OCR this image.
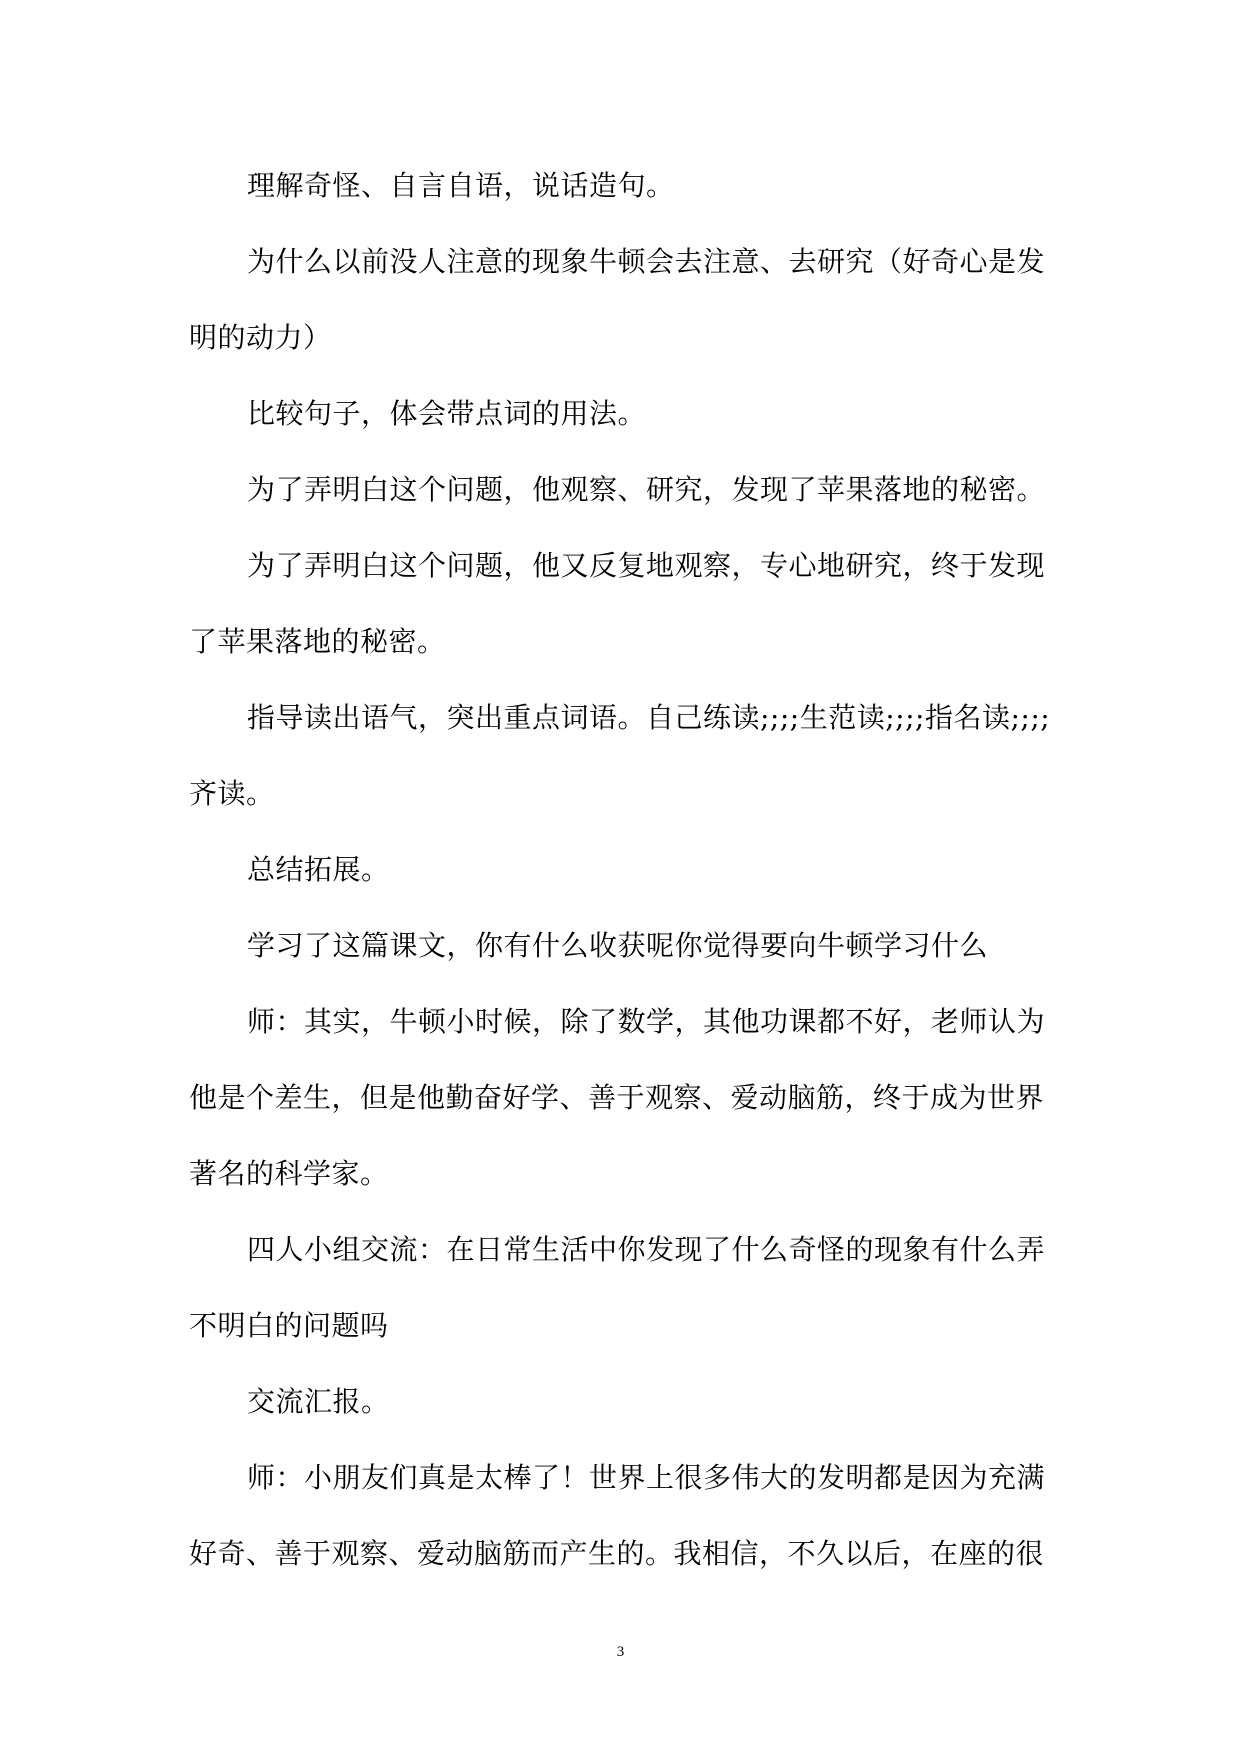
理解奇怪、自言自语，说话造句。

为什么以前没人注意的现象牛顿会去注意、去研究（好奇心是发明的动力）

比较句子，体会带点词的用法。

为了弄明白这个问题，他观察、研究，发现了苹果落地的秘密。

为了弄明白这个问题，他又反复地观察，专心地研究，终于发现了苹果落地的秘密。

指导读出语气，突出重点词语。自己练读;;;;生范读;;;;指名读;;;;齐读。

总结拓展。

学习了这篇课文，你有什么收获呢你觉得要向牛顿学习什么

师：其实，牛顿小时候，除了数学，其他功课都不好，老师认为他是个差生，但是他勤奋好学、善于观察、爱动脑筋，终于成为世界著名的科学家。

四人小组交流：在日常生活中你发现了什么奇怪的现象有什么弄不明白的问题吗

交流汇报。

师：小朋友们真是太棒了！世界上很多伟大的发明都是因为充满好奇、善于观察、爱动脑筋而产生的。我相信，不久以后，在座的很

3
